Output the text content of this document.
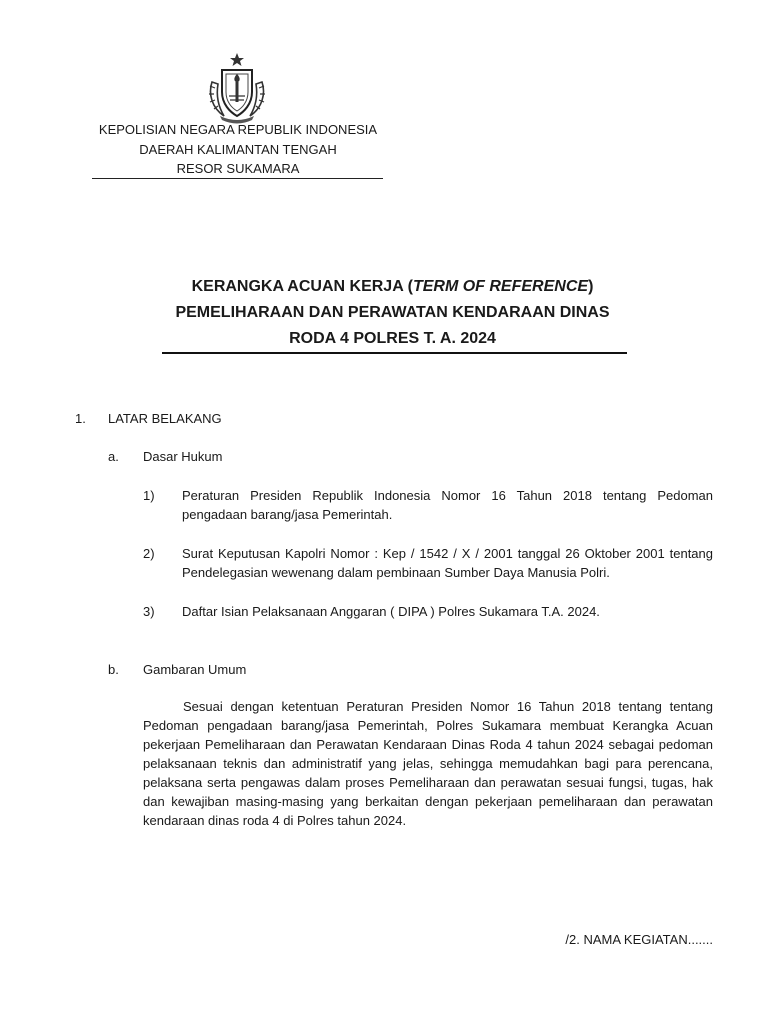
KEPOLISIAN NEGARA REPUBLIK INDONESIA
DAERAH KALIMANTAN TENGAH
RESOR SUKAMARA
KERANGKA ACUAN KERJA (TERM OF REFERENCE)
PEMELIHARAAN DAN PERAWATAN KENDARAAN DINAS
RODA 4 POLRES T. A. 2024
1. LATAR BELAKANG
a. Dasar Hukum
1) Peraturan Presiden Republik Indonesia Nomor 16 Tahun 2018 tentang Pedoman pengadaan barang/jasa Pemerintah.
2) Surat Keputusan Kapolri Nomor : Kep / 1542 / X / 2001 tanggal 26 Oktober 2001 tentang Pendelegasian wewenang dalam pembinaan Sumber Daya Manusia Polri.
3) Daftar Isian Pelaksanaan Anggaran ( DIPA ) Polres Sukamara T.A. 2024.
b. Gambaran Umum
Sesuai dengan ketentuan Peraturan Presiden Nomor 16 Tahun 2018 tentang tentang Pedoman pengadaan barang/jasa Pemerintah, Polres Sukamara membuat Kerangka Acuan pekerjaan Pemeliharaan dan Perawatan Kendaraan Dinas Roda 4 tahun 2024 sebagai pedoman pelaksanaan teknis dan administratif yang jelas, sehingga memudahkan bagi para perencana, pelaksana serta pengawas dalam proses Pemeliharaan dan perawatan sesuai fungsi, tugas, hak dan kewajiban masing-masing yang berkaitan dengan pekerjaan pemeliharaan dan perawatan kendaraan dinas roda 4 di Polres tahun 2024.
/2. NAMA KEGIATAN.......
